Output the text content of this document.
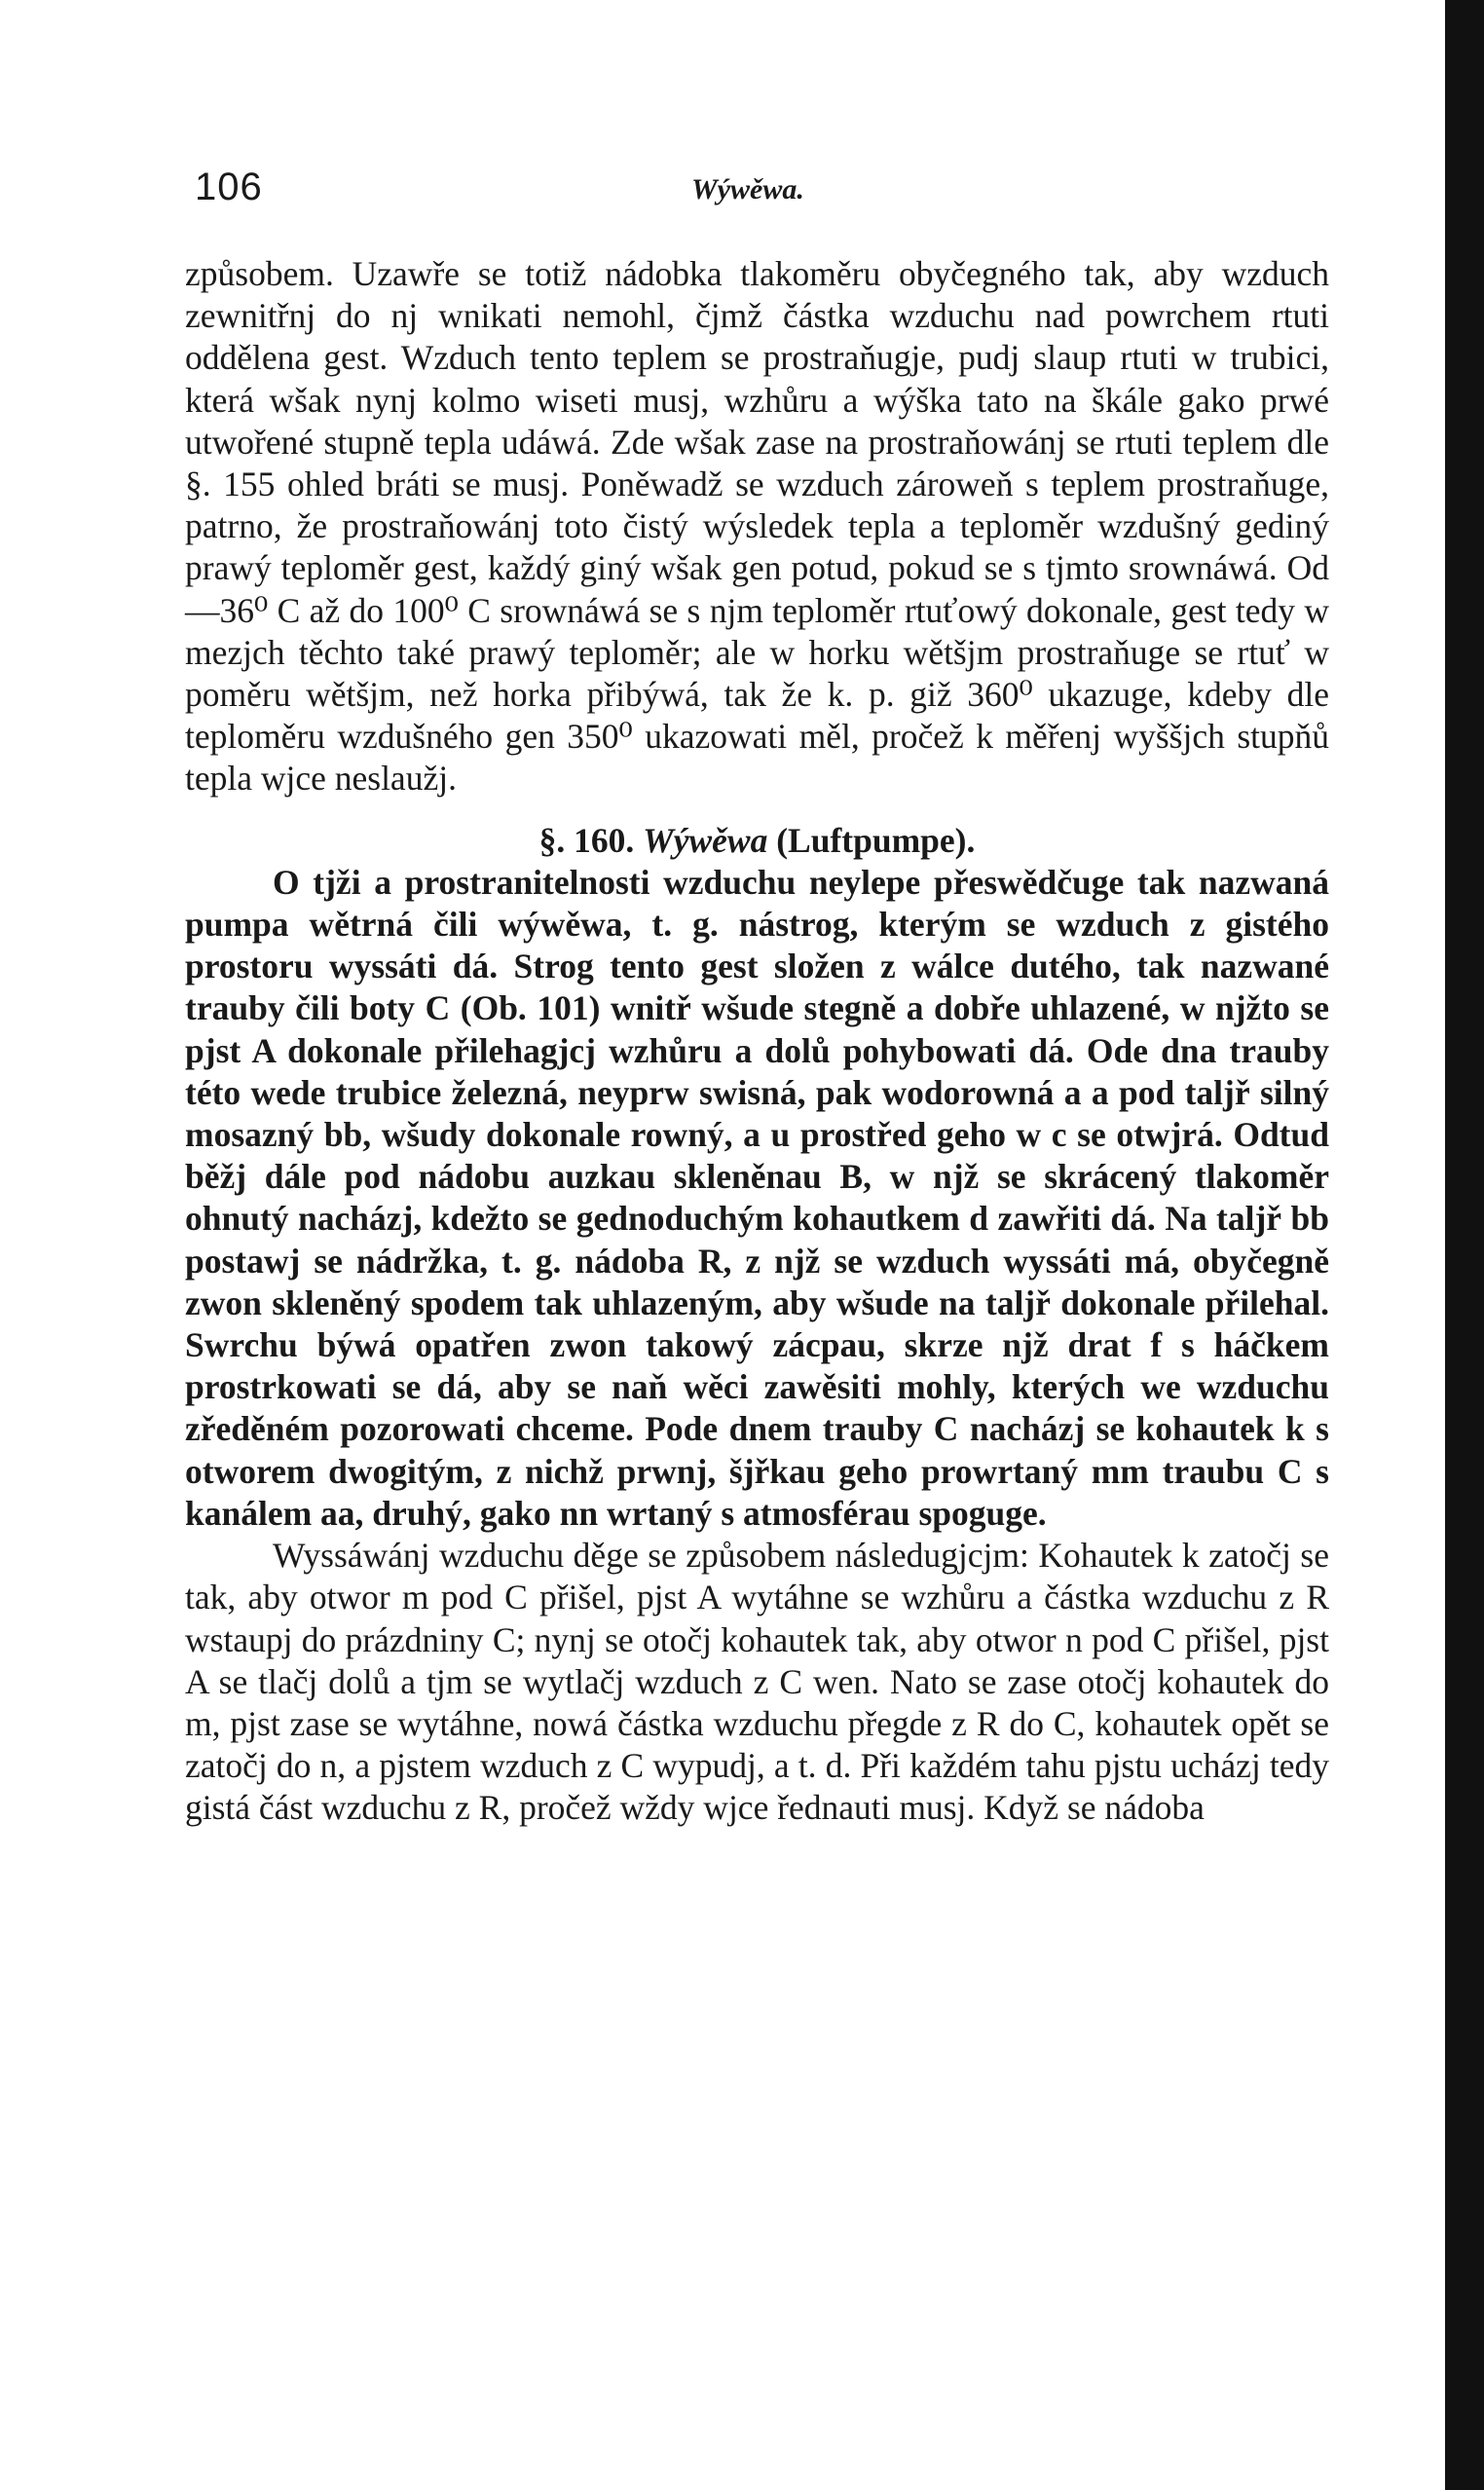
106	Wýwěwa.

způsobem. Uzawře se totiž nádobka tlakoměru obyčegného tak, aby wzduch zewnitřnj do nj wnikati nemohl, čjmž částka wzduchu nad powrchem rtuti oddělena gest. Wzduch tento teplem se prostraňugje, pudj slaup rtuti w trubici, která wšak nynj kolmo wiseti musj, wzhůru a wýška tato na škále gako prwé utwořené stupně tepla udáwá. Zde wšak zase na prostraňowánj se rtuti teplem dle §. 155 ohled bráti se musj. Poněwadž se wzduch zároweň s teplem prostraňuge, patrno, že prostraňowánj toto čistý wýsledek tepla a teploměr wzdušný gediný prawý teploměr gest, každý giný wšak gen potud, pokud se s tjmto srownáwá. Od—36⁰ C až do 100⁰ C srownáwá se s njm teploměr rtuťowý dokonale, gest tedy w mezjch těchto také prawý teploměr; ale w horku wětšjm prostraňuge se rtuť w poměru wětšjm, než horka přibýwá, tak že k. p. giž 360⁰ ukazuge, kdeby dle teploměru wzdušného gen 350⁰ ukazowati měl, pročež k měřenj wyššjch stupňů tepla wjce neslaužj.

§. 160. Wýwěwa (Luftpumpe).

O tjži a prostranitelnosti wzduchu neylepe přeswědčuge tak nazwaná pumpa wětrná čili wýwěwa, t. g. nástrog, kterým se wzduch z gistého prostoru wyssáti dá. Strog tento gest složen z wálce dutého, tak nazwané trauby čili boty C (Ob. 101) wnitř wšude stegně a dobře uhlazené, w njžto se pjst A dokonale přilehagjcj wzhůru a dolů pohybowati dá. Ode dna trauby této wede trubice železná, neyprw swisná, pak wodorowná a a pod taljř silný mosazný bb, wšudy dokonale rowný, a u prostřed geho w c se otwjrá. Odtud běžj dále pod nádobu auzkau skleněnau B, w njž se skrácený tlakoměr ohnutý nacházj, kdežto se gednoduchým kohautkem d zawřiti dá. Na taljř bb postawj se nádržka, t. g. nádoba R, z njž se wzduch wyssáti má, obyčegně zwon skleněný spodem tak uhlazeným, aby wšude na taljř dokonale přilehal. Swrchu býwá opatřen zwon takowý zácpau, skrze njž drat f s háčkem prostrkowati se dá, aby se naň wěci zawěsiti mohly, kterých we wzduchu zředěném pozorowati chceme. Pode dnem trauby C nacházj se kohautek k s otworem dwogitým, z nichž prwnj, šjřkau geho prowrtaný mm traubu C s kanálem aa, druhý, gako nn wrtaný s atmosférau spoguge.

Wyssáwánj wzduchu děge se způsobem následugjcjm: Kohautek k zatočj se tak, aby otwor m pod C přišel, pjst A wytáhne se wzhůru a částka wzduchu z R wstaupj do prázdniny C; nynj se otočj kohautek tak, aby otwor n pod C přišel, pjst A se tlačj dolů a tjm se wytlačj wzduch z C wen. Nato se zase otočj kohautek do m, pjst zase se wytáhne, nowá částka wzduchu přegde z R do C, kohautek opět se zatočj do n, a pjstem wzduch z C wypudj, a t. d. Při každém tahu pjstu ucházj tedy gistá část wzduchu z R, pročež wždy wjce řednauti musj. Když se nádoba
